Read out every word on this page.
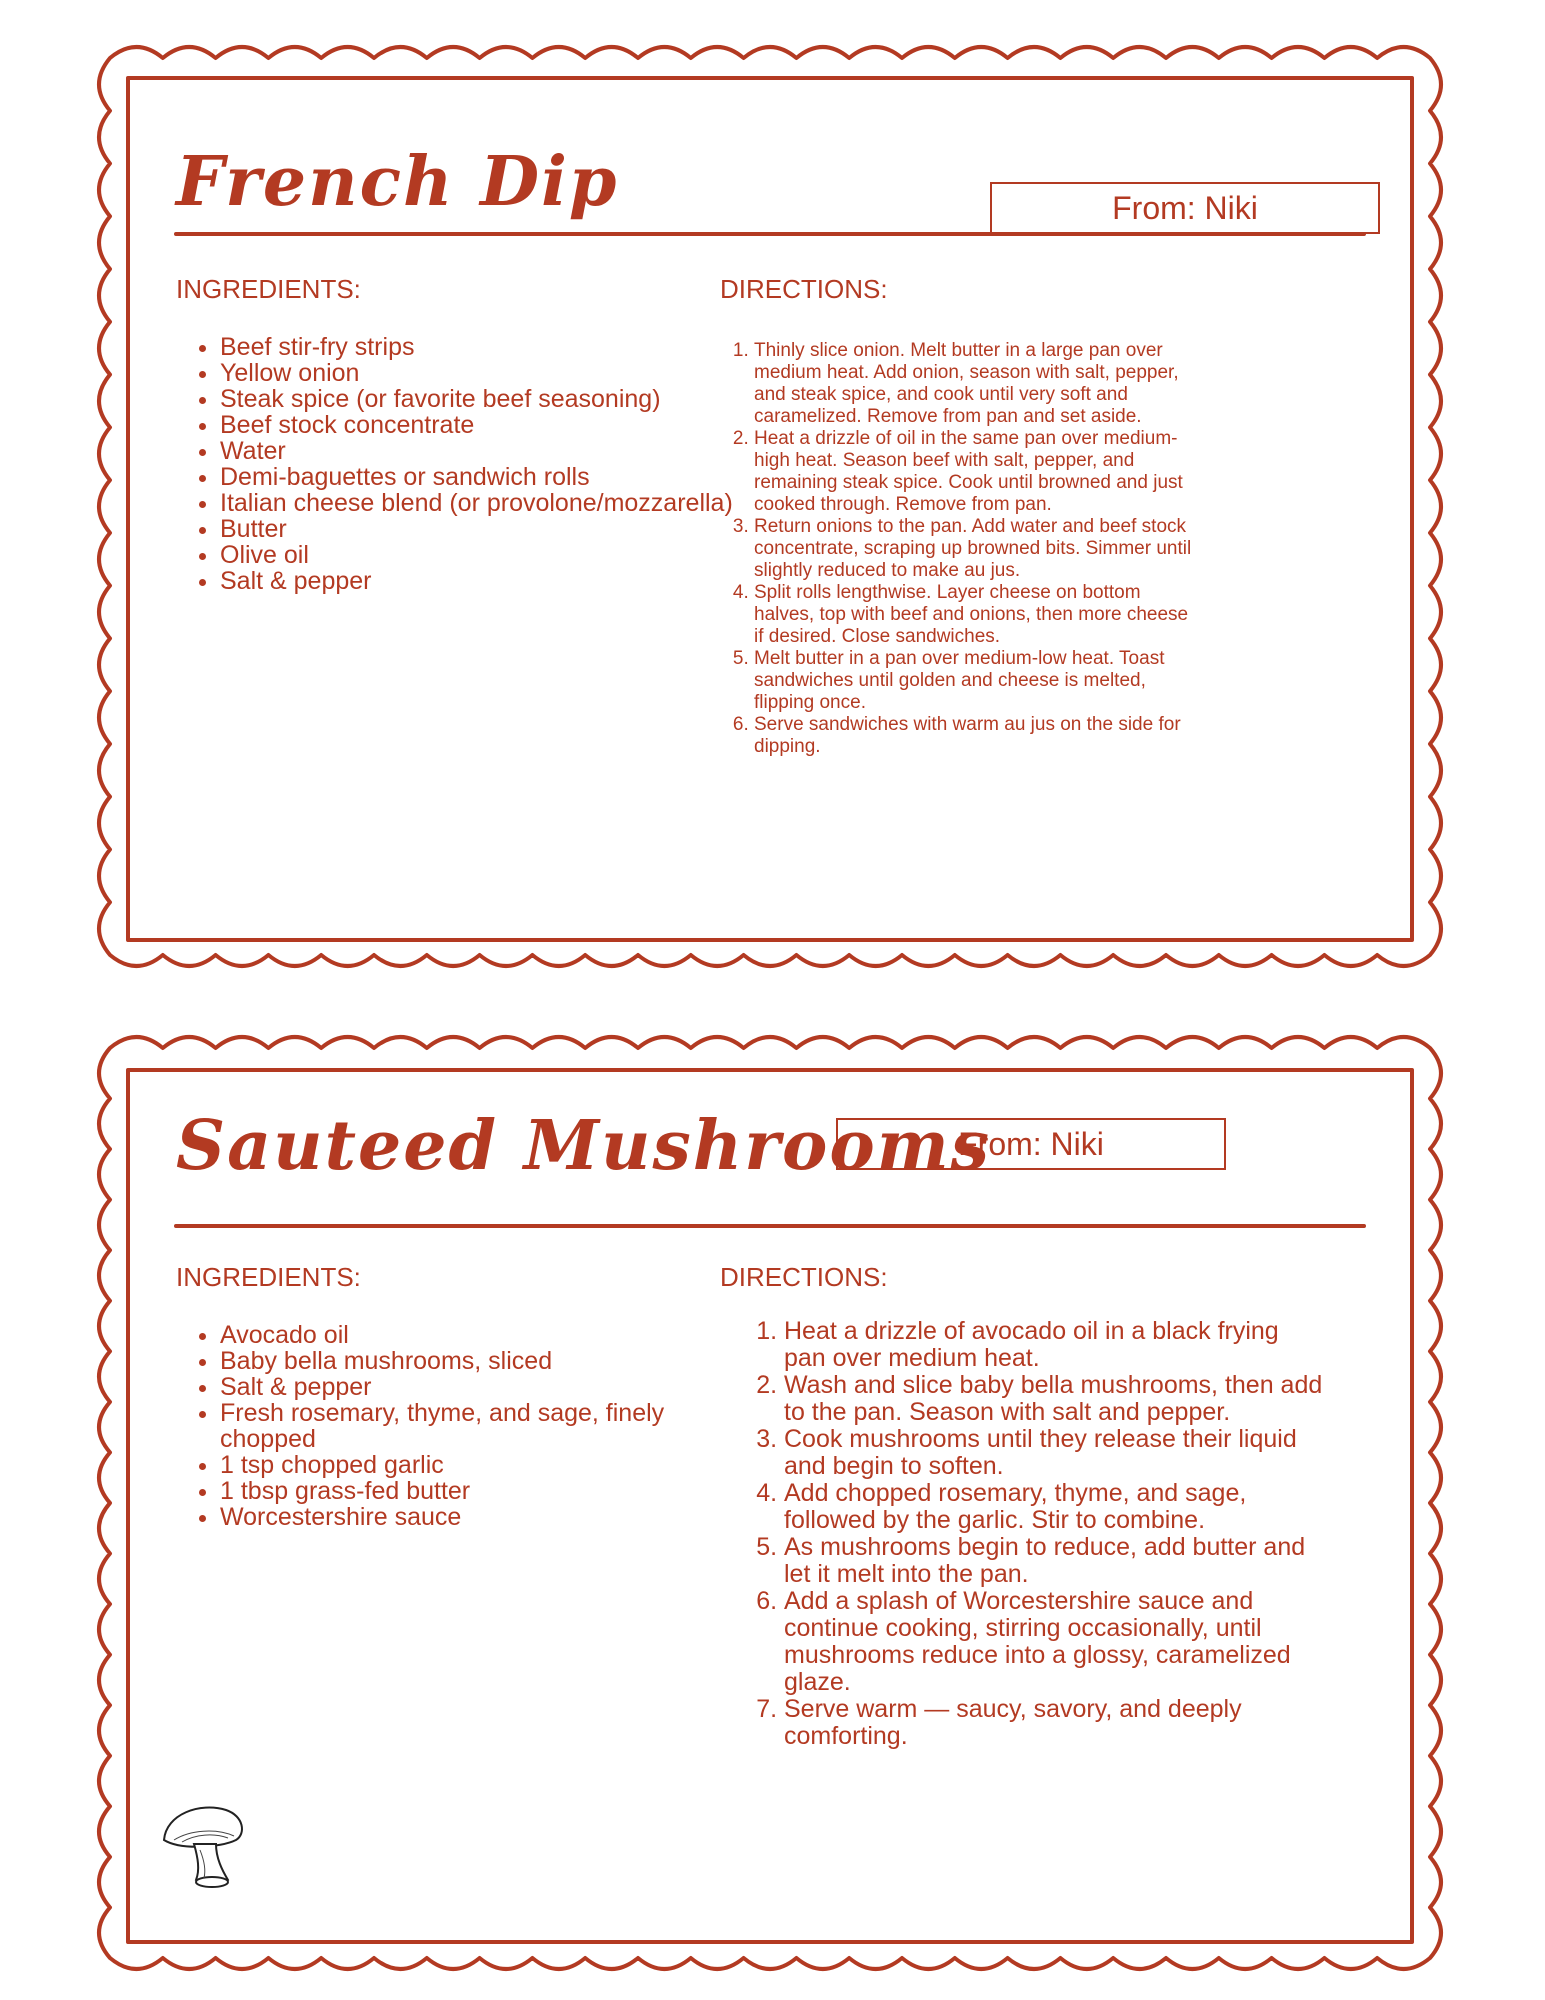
French Dip	From: Niki
INGREDIENTS:	DIRECTIONS:
• Beef stir-fry strips
• Yellow onion
• Steak spice (or favorite beef seasoning)
• Beef stock concentrate
• Water
• Demi-baguettes or sandwich rolls
• Italian cheese blend (or provolone/mozzarella)
• Butter
• Olive oil
• Salt & pepper
1. Thinly slice onion. Melt butter in a large pan over medium heat. Add onion, season with salt, pepper, and steak spice, and cook until very soft and caramelized. Remove from pan and set aside.
2. Heat a drizzle of oil in the same pan over medium-high heat. Season beef with salt, pepper, and remaining steak spice. Cook until browned and just cooked through. Remove from pan.
3. Return onions to the pan. Add water and beef stock concentrate, scraping up browned bits. Simmer until slightly reduced to make au jus.
4. Split rolls lengthwise. Layer cheese on bottom halves, top with beef and onions, then more cheese if desired. Close sandwiches.
5. Melt butter in a pan over medium-low heat. Toast sandwiches until golden and cheese is melted, flipping once.
6. Serve sandwiches with warm au jus on the side for dipping.
Sauteed Mushrooms
From: Niki
INGREDIENTS:	DIRECTIONS:
• Avocado oil
• Baby bella mushrooms, sliced
• Salt & pepper
• Fresh rosemary, thyme, and sage, finely chopped
• 1 tsp chopped garlic
• 1 tbsp grass-fed butter
• Worcestershire sauce
1. Heat a drizzle of avocado oil in a black frying pan over medium heat.
2. Wash and slice baby bella mushrooms, then add to the pan. Season with salt and pepper.
3. Cook mushrooms until they release their liquid and begin to soften.
4. Add chopped rosemary, thyme, and sage, followed by the garlic. Stir to combine.
5. As mushrooms begin to reduce, add butter and let it melt into the pan.
6. Add a splash of Worcestershire sauce and continue cooking, stirring occasionally, until mushrooms reduce into a glossy, caramelized glaze.
7. Serve warm — saucy, savory, and deeply comforting.
